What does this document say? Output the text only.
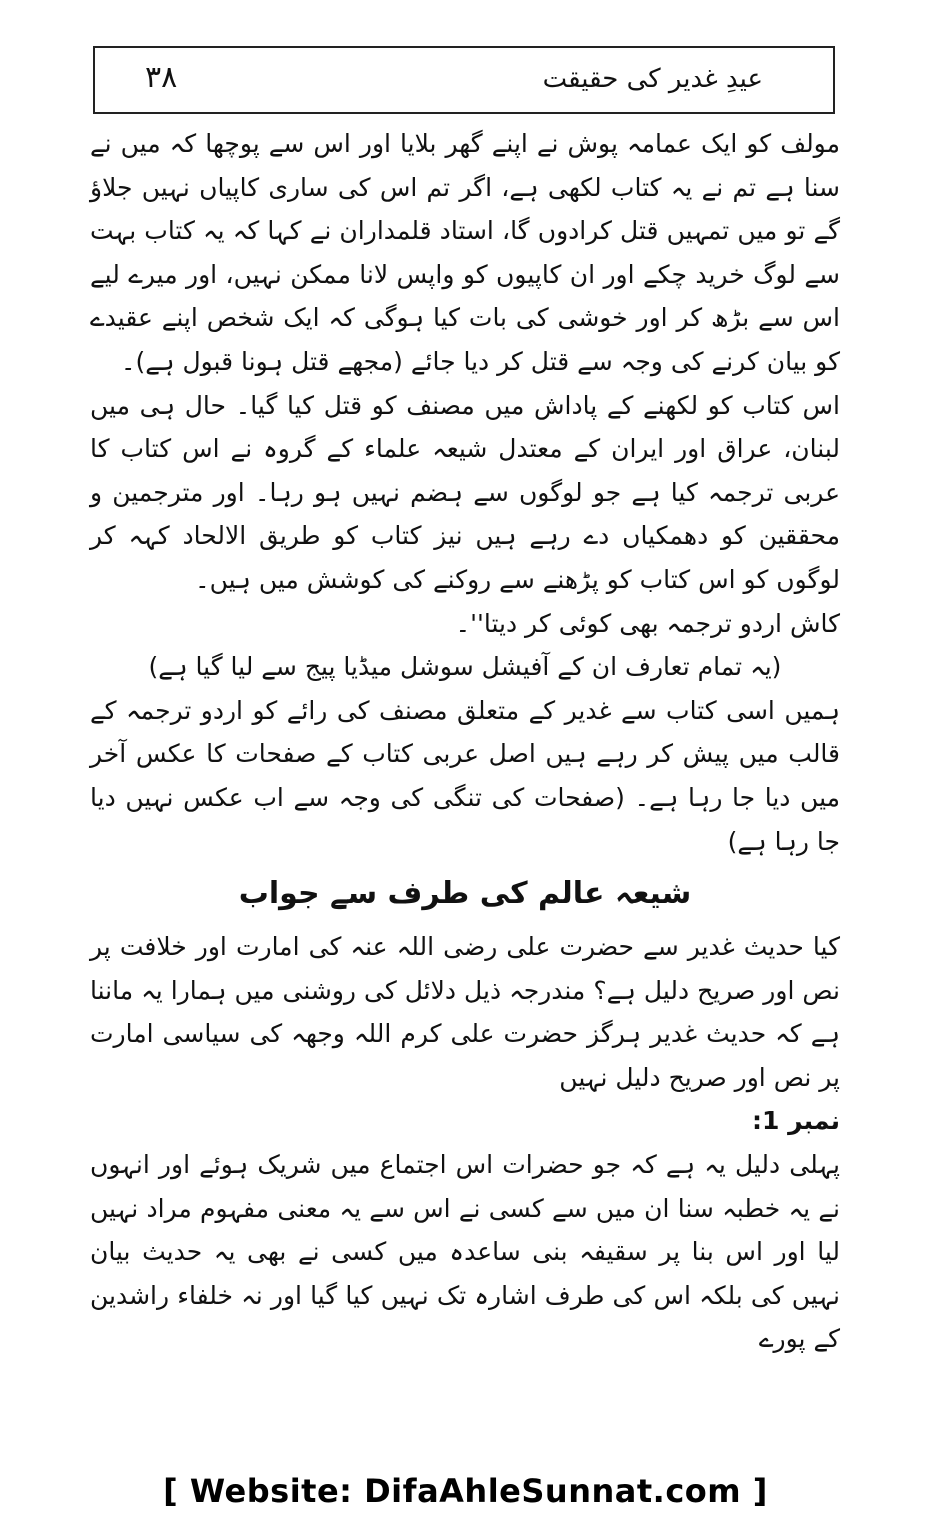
۳۸	عیدِ غدیر کی حقیقت

مولف کو ایک عمامہ پوش نے اپنے گھر بلایا اور اس سے پوچھا کہ میں نے سنا ہے تم نے یہ کتاب لکھی ہے، اگر تم اس کی ساری کاپیاں نہیں جلاؤ گے تو میں تمہیں قتل کرادوں گا، استاد قلمداران نے کہا کہ یہ کتاب بہت سے لوگ خرید چکے اور ان کاپیوں کو واپس لانا ممکن نہیں، اور میرے لیے اس سے بڑھ کر اور خوشی کی بات کیا ہوگی کہ ایک شخص اپنے عقیدے کو بیان کرنے کی وجہ سے قتل کر دیا جائے (مجھے قتل ہونا قبول ہے)۔

اس کتاب کو لکھنے کے پاداش میں مصنف کو قتل کیا گیا۔ حال ہی میں لبنان، عراق اور ایران کے معتدل شیعہ علماء کے گروہ نے اس کتاب کا عربی ترجمہ کیا ہے جو لوگوں سے ہضم نہیں ہو رہا۔ اور مترجمین و محققین کو دھمکیاں دے رہے ہیں نیز کتاب کو طریق الالحاد کہہ کر لوگوں کو اس کتاب کو پڑھنے سے روکنے کی کوشش میں ہیں۔

کاش اردو ترجمہ بھی کوئی کر دیتا''۔

(یہ تمام تعارف ان کے آفیشل سوشل میڈیا پیج سے لیا گیا ہے)

ہمیں اسی کتاب سے غدیر کے متعلق مصنف کی رائے کو اردو ترجمہ کے قالب میں پیش کر رہے ہیں اصل عربی کتاب کے صفحات کا عکس آخر میں دیا جا رہا ہے۔ (صفحات کی تنگی کی وجہ سے اب عکس نہیں دیا جا رہا ہے)

شیعہ عالم کی طرف سے جواب

کیا حدیث غدیر سے حضرت علی رضی اللہ عنہ کی امارت اور خلافت پر نص اور صریح دلیل ہے؟ مندرجہ ذیل دلائل کی روشنی میں ہمارا یہ ماننا ہے کہ حدیث غدیر ہرگز حضرت علی کرم اللہ وجھہ کی سیاسی امارت پر نص اور صریح دلیل نہیں

نمبر 1:

پہلی دلیل یہ ہے کہ جو حضرات اس اجتماع میں شریک ہوئے اور انہوں نے یہ خطبہ سنا ان میں سے کسی نے اس سے یہ معنی مفہوم مراد نہیں لیا اور اس بنا پر سقیفہ بنی ساعدہ میں کسی نے بھی یہ حدیث بیان نہیں کی بلکہ اس کی طرف اشارہ تک نہیں کیا گیا اور نہ خلفاء راشدین کے پورے

[ Website: DifaAhleSunnat.com ]
